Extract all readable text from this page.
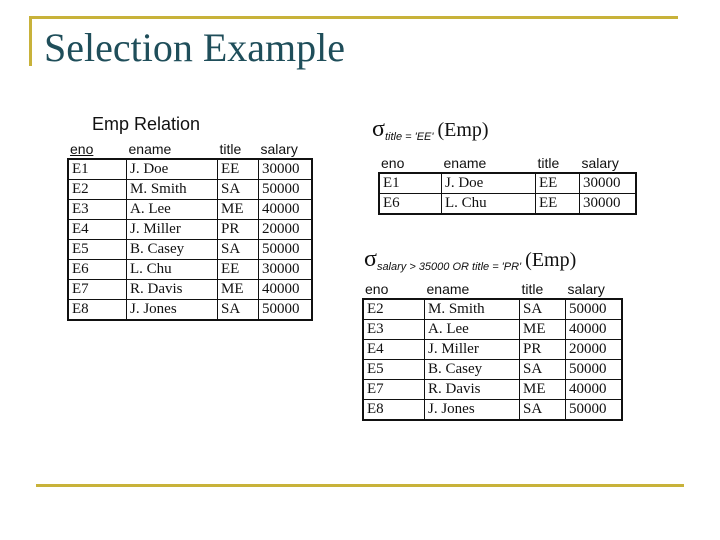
Selection Example
Emp Relation
eno	ename	title	salary
E1	J. Doe	EE	30000
E2	M. Smith	SA	50000
E3	A. Lee	ME	40000
E4	J. Miller	PR	20000
E5	B. Casey	SA	50000
E6	L. Chu	EE	30000
E7	R. Davis	ME	40000
E8	J. Jones	SA	50000
$\sigma_{title = 'EE'}$ (Emp)
eno	ename	title	salary
E1	J. Doe	EE	30000
E6	L. Chu	EE	30000
$\sigma_{salary > 35000 OR title = 'PR'}$ (Emp)
eno	ename	title	salary
E2	M. Smith	SA	50000
E3	A. Lee	ME	40000
E4	J. Miller	PR	20000
E5	B. Casey	SA	50000
E7	R. Davis	ME	40000
E8	J. Jones	SA	50000
